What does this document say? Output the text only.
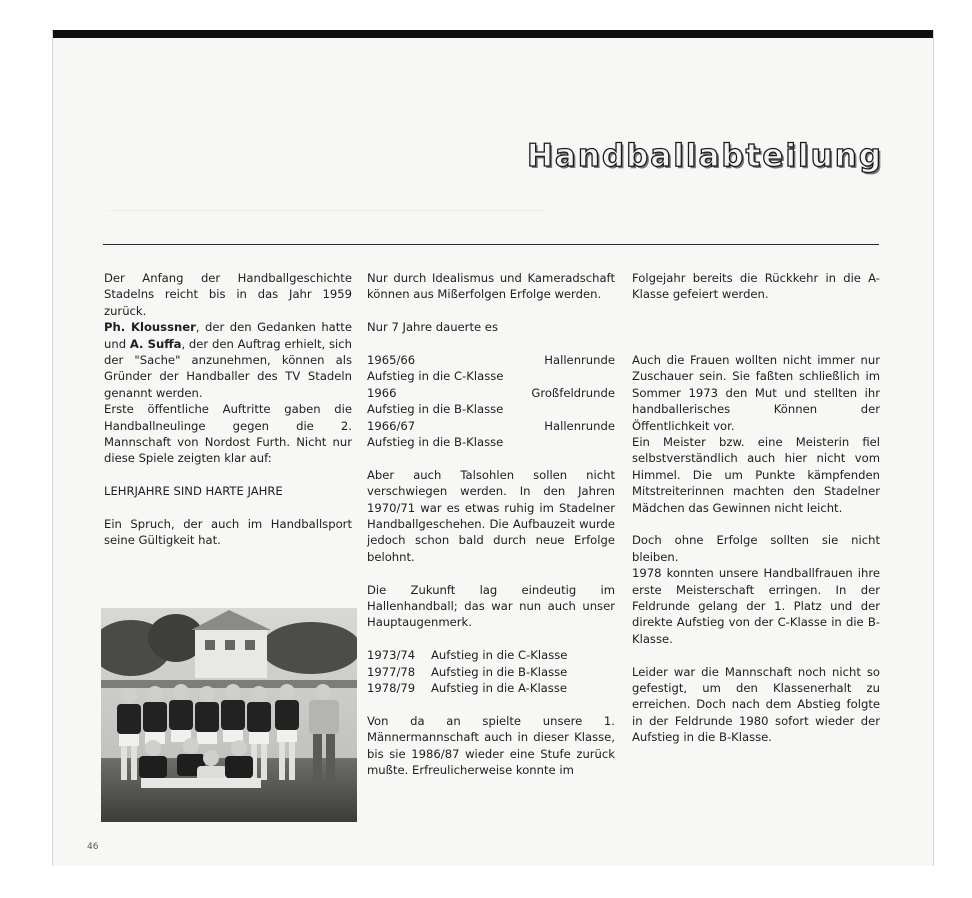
Handballabteilung

Der Anfang der Handballgeschichte Stadelns reicht bis in das Jahr 1959 zurück.

Ph. Kloussner, der den Gedanken hatte und A. Suffa, der den Auftrag erhielt, sich der "Sache" anzunehmen, können als Gründer der Handballer des TV Stadeln genannt werden.

Erste öffentliche Auftritte gaben die Handballneulinge gegen die 2. Mannschaft von Nordost Furth. Nicht nur diese Spiele zeigten klar auf:

LEHRJAHRE SIND HARTE JAHRE

Ein Spruch, der auch im Handballsport seine Gültigkeit hat.

Nur durch Idealismus und Kameradschaft können aus Mißerfolgen Erfolge werden.

Nur 7 Jahre dauerte es

1965/66	Hallenrunde

Aufstieg in die C-Klasse

1966	Großfeldrunde

Aufstieg in die B-Klasse

1966/67	Hallenrunde

Aufstieg in die B-Klasse

Aber auch Talsohlen sollen nicht verschwiegen werden. In den Jahren 1970/71 war es etwas ruhig im Stadelner Handballgeschehen. Die Aufbauzeit wurde jedoch schon bald durch neue Erfolge belohnt.

Die Zukunft lag eindeutig im Hallenhandball; das war nun auch unser Hauptaugenmerk.

1973/74	Aufstieg in die C-Klasse
1977/78	Aufstieg in die B-Klasse
1978/79	Aufstieg in die A-Klasse

Von da an spielte unsere 1. Männermannschaft auch in dieser Klasse, bis sie 1986/87 wieder eine Stufe zurück mußte. Erfreulicherweise konnte im

Folgejahr bereits die Rückkehr in die A-Klasse gefeiert werden.

Auch die Frauen wollten nicht immer nur Zuschauer sein. Sie faßten schließlich im Sommer 1973 den Mut und stellten ihr handballerisches Können der Öffentlichkeit vor.

Ein Meister bzw. eine Meisterin fiel selbstverständlich auch hier nicht vom Himmel. Die um Punkte kämpfenden Mitstreiterinnen machten den Stadelner Mädchen das Gewinnen nicht leicht.

Doch ohne Erfolge sollten sie nicht bleiben.

1978 konnten unsere Handballfrauen ihre erste Meisterschaft erringen. In der Feldrunde gelang der 1. Platz und der direkte Aufstieg von der C-Klasse in die B-Klasse.

Leider war die Mannschaft noch nicht so gefestigt, um den Klassenerhalt zu erreichen. Doch nach dem Abstieg folgte in der Feldrunde 1980 sofort wieder der Aufstieg in die B-Klasse.

46
